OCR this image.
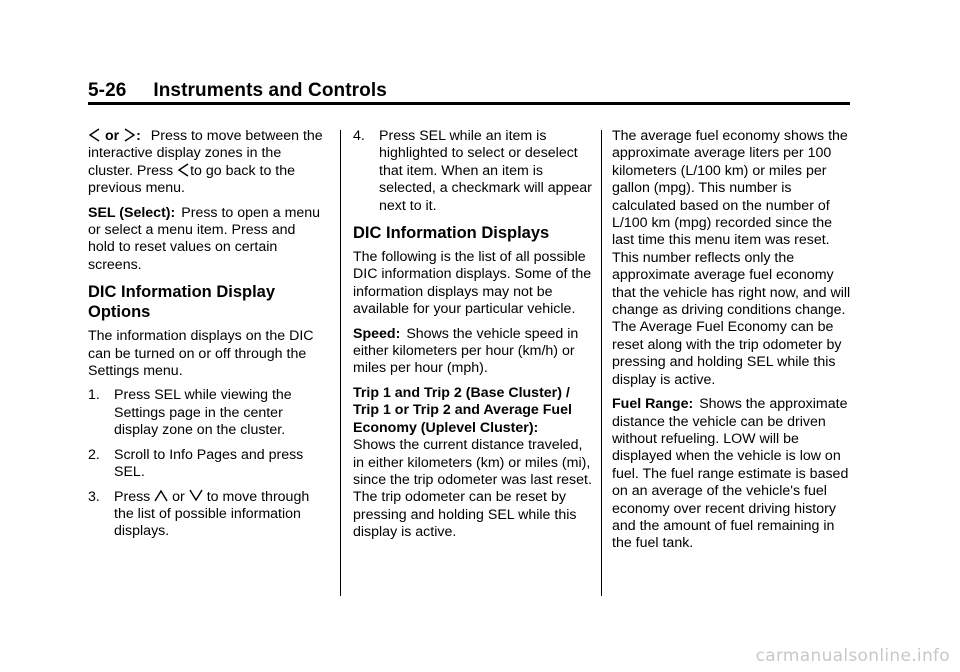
5-26     Instruments and Controls

or : Press to move between the interactive display zones in the cluster. Press to go back to the previous menu.

SEL (Select): Press to open a menu or select a menu item. Press and hold to reset values on certain screens.

DIC Information Display Options

The information displays on the DIC can be turned on or off through the Settings menu.

1. Press SEL while viewing the Settings page in the center display zone on the cluster.
2. Scroll to Info Pages and press SEL.
3. Press or to move through the list of possible information displays.
4. Press SEL while an item is highlighted to select or deselect that item. When an item is selected, a checkmark will appear next to it.
DIC Information Displays

The following is the list of all possible DIC information displays. Some of the information displays may not be available for your particular vehicle.

Speed: Shows the vehicle speed in either kilometers per hour (km/h) or miles per hour (mph).

Trip 1 and Trip 2 (Base Cluster) / Trip 1 or Trip 2 and Average Fuel Economy (Uplevel Cluster):
Shows the current distance traveled, in either kilometers (km) or miles (mi), since the trip odometer was last reset. The trip odometer can be reset by pressing and holding SEL while this display is active.

The average fuel economy shows the approximate average liters per 100 kilometers (L/100 km) or miles per gallon (mpg). This number is calculated based on the number of L/100 km (mpg) recorded since the last time this menu item was reset. This number reflects only the approximate average fuel economy that the vehicle has right now, and will change as driving conditions change. The Average Fuel Economy can be reset along with the trip odometer by pressing and holding SEL while this display is active.

Fuel Range: Shows the approximate distance the vehicle can be driven without refueling. LOW will be displayed when the vehicle is low on fuel. The fuel range estimate is based on an average of the vehicle's fuel economy over recent driving history and the amount of fuel remaining in the fuel tank.

carmanualsonline.info
